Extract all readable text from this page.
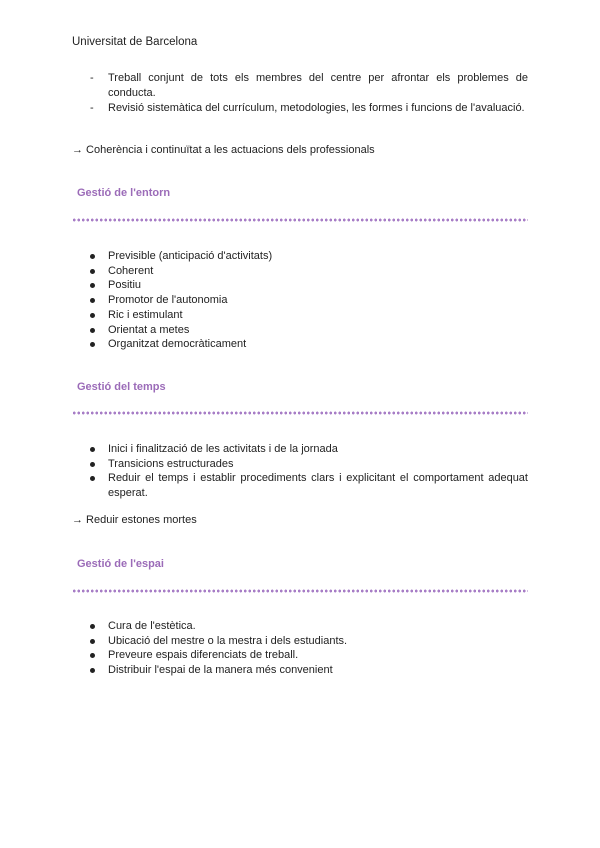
Universitat de Barcelona
- Treball conjunt de tots els membres del centre per afrontar els problemes de conducta.
- Revisió sistemàtica del currículum, metodologies, les formes i funcions de l'avaluació.
→ Coherència i continuïtat a les actuacions dels professionals
Gestió de l'entorn
Previsible (anticipació d'activitats)
Coherent
Positiu
Promotor de l'autonomia
Ric i estimulant
Orientat a metes
Organitzat democràticament
Gestió del temps
Inici i finalització de les activitats i de la jornada
Transicions estructurades
Reduir el temps i establir procediments clars i explicitant el comportament adequat esperat.
→ Reduir estones mortes
Gestió de l'espai
Cura de l'estètica.
Ubicació del mestre o la mestra i dels estudiants.
Preveure espais diferenciats de treball.
Distribuir l'espai de la manera més convenient
